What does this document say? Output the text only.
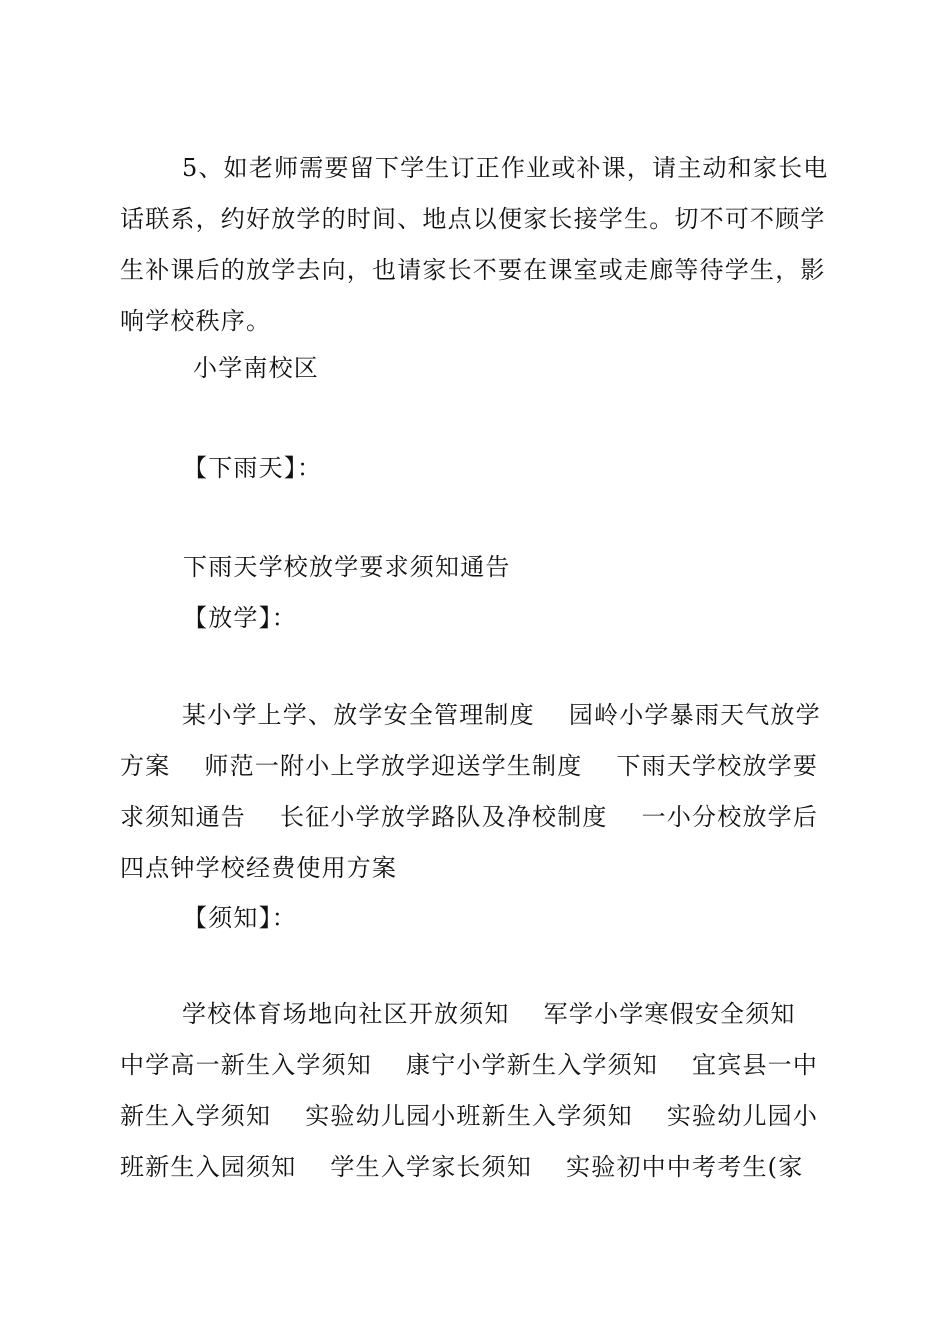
5、如老师需要留下学生订正作业或补课，请主动和家长电话联系，约好放学的时间、地点以便家长接学生。切不可不顾学生补课后的放学去向，也请家长不要在课室或走廊等待学生，影响学校秩序。
小学南校区
【下雨天】：
下雨天学校放学要求须知通告
【放学】：
某小学上学、放学安全管理制度　 园岭小学暴雨天气放学方案　 师范一附小上学放学迎送学生制度　 下雨天学校放学要求须知通告　 长征小学放学路队及净校制度　 一小分校放学后四点钟学校经费使用方案
【须知】：
学校体育场地向社区开放须知　 军学小学寒假安全须知　 中学高一新生入学须知　 康宁小学新生入学须知　 宜宾县一中新生入学须知　 实验幼儿园小班新生入学须知　 实验幼儿园小班新生入园须知　 学生入学家长须知　 实验初中中考考生(家
